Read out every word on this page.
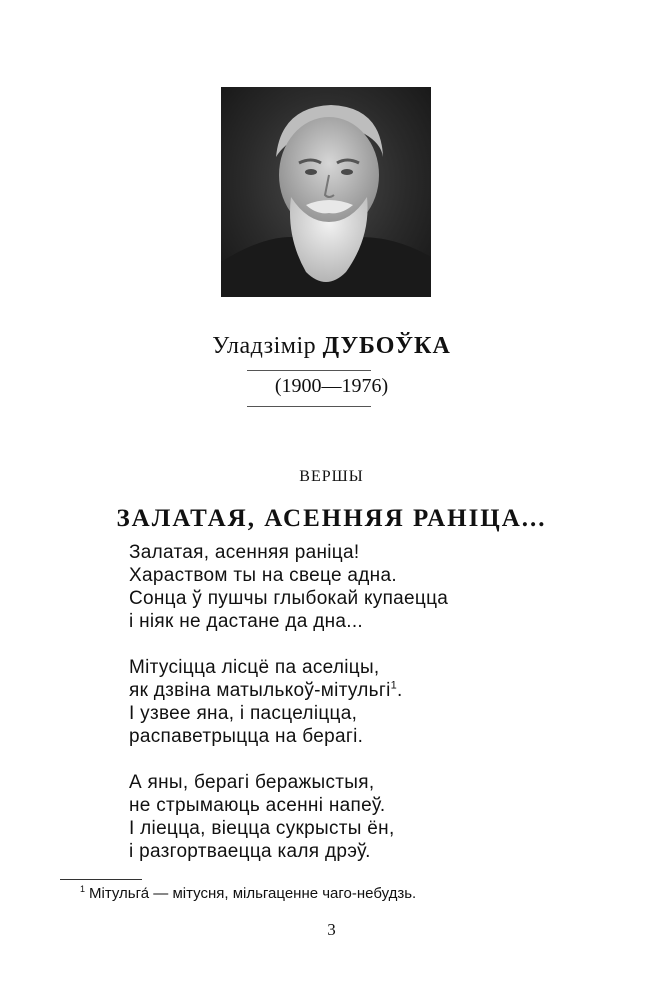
Уладзімір ДУБОЎКА
(1900—1976)
ВЕРШЫ
ЗАЛАТАЯ, АСЕННЯЯ РАНІЦА...
Залатая, асенняя раніца!
Хараством ты на свеце адна.
Сонца ў пушчы глыбокай купаецца
і ніяк не дастане да дна...
Мітусіцца лісцё па аселіцы,
як дзвіна матылькоў-мітульгі$^1$.
І узвее яна, і пасцеліцца,
распаветрыцца на берагі.
А яны, берагі беражыстыя,
не стрымаюць асенні напеў.
І ліецца, віецца сукрысты ён,
і разгортваецца каля дрэў.
$^1$ Мітульга́ — мітусня, мільгаценне чаго-небудзь.
3
